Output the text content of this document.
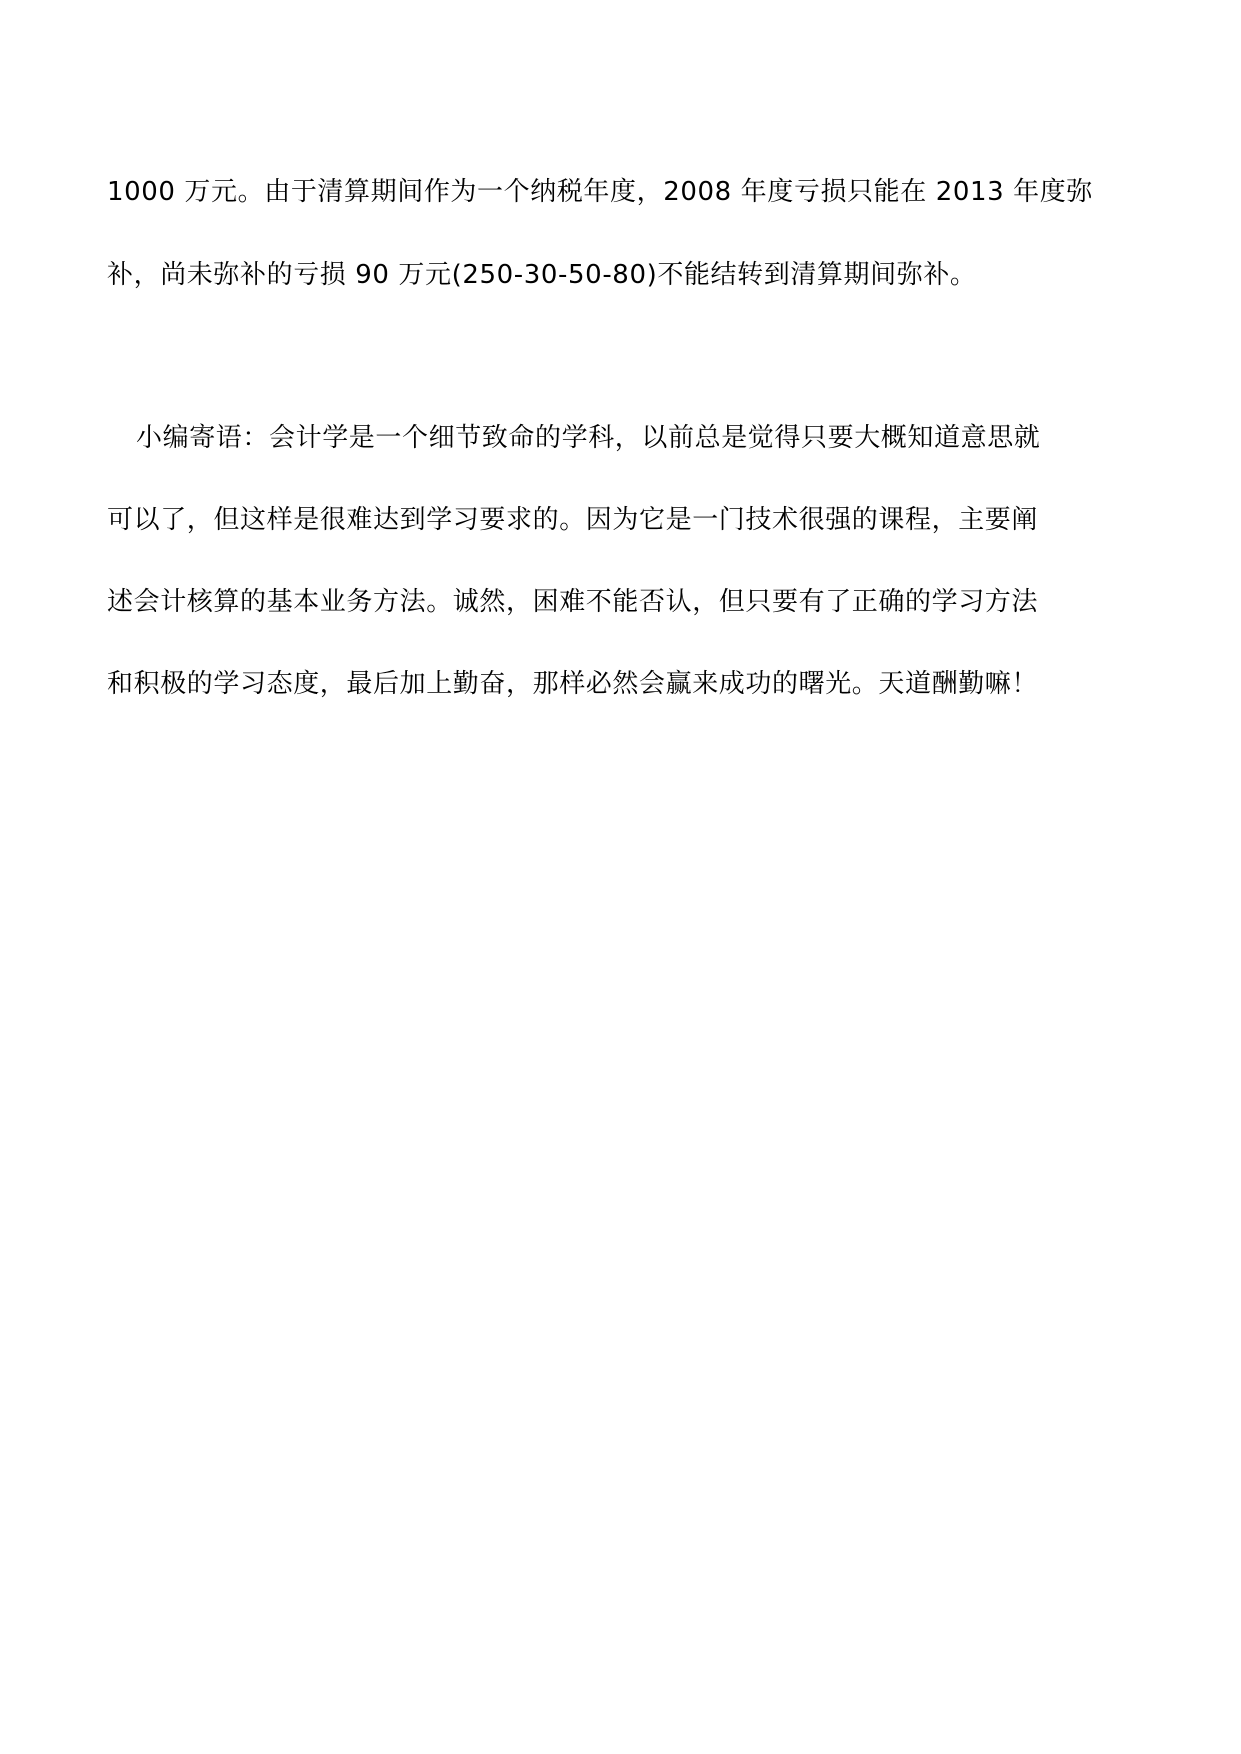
1000 万元。由于清算期间作为一个纳税年度，2008 年度亏损只能在 2013 年度弥
补，尚未弥补的亏损 90 万元(250-30-50-80)不能结转到清算期间弥补。
小编寄语：会计学是一个细节致命的学科，以前总是觉得只要大概知道意思就
可以了，但这样是很难达到学习要求的。因为它是一门技术很强的课程，主要阐
述会计核算的基本业务方法。诚然，困难不能否认，但只要有了正确的学习方法
和积极的学习态度，最后加上勤奋，那样必然会赢来成功的曙光。天道酬勤嘛！
